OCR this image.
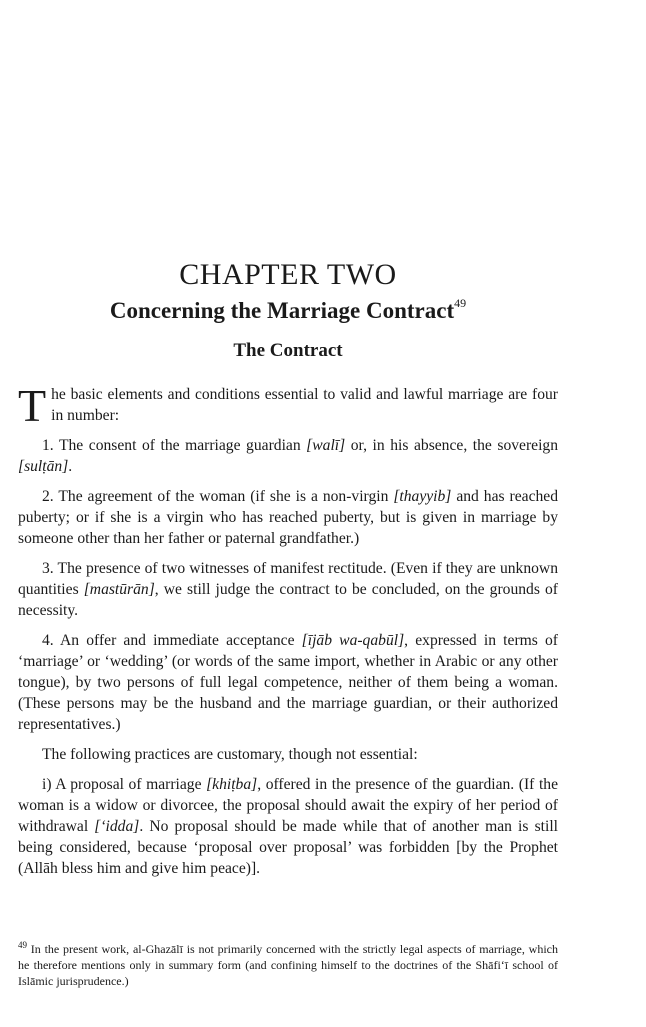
CHAPTER TWO
Concerning the Marriage Contract$^{49}$
The Contract

The basic elements and conditions essential to valid and lawful marriage are four in number:

1. The consent of the marriage guardian [walī] or, in his absence, the sovereign [sulṭān].

2. The agreement of the woman (if she is a non-virgin [thayyib] and has reached puberty; or if she is a virgin who has reached puberty, but is given in marriage by someone other than her father or paternal grandfather.)

3. The presence of two witnesses of manifest rectitude. (Even if they are unknown quantities [mastūrān], we still judge the contract to be concluded, on the grounds of necessity.

4. An offer and immediate acceptance [ījāb wa-qabūl], expressed in terms of ‘marriage’ or ‘wedding’ (or words of the same import, whether in Arabic or any other tongue), by two persons of full legal competence, neither of them being a woman. (These persons may be the husband and the marriage guardian, or their authorized representatives.)

The following practices are customary, though not essential:

i) A proposal of marriage [khiṭba], offered in the presence of the guardian. (If the woman is a widow or divorcee, the proposal should await the expiry of her period of withdrawal [‘idda]. No proposal should be made while that of another man is still being considered, because ‘proposal over proposal’ was forbidden [by the Prophet (Allāh bless him and give him peace)].

$^{49}$ In the present work, al-Ghazālī is not primarily concerned with the strictly legal aspects of marriage, which he therefore mentions only in summary form (and confining himself to the doctrines of the Shāfi‘ī school of Islāmic jurisprudence.)
